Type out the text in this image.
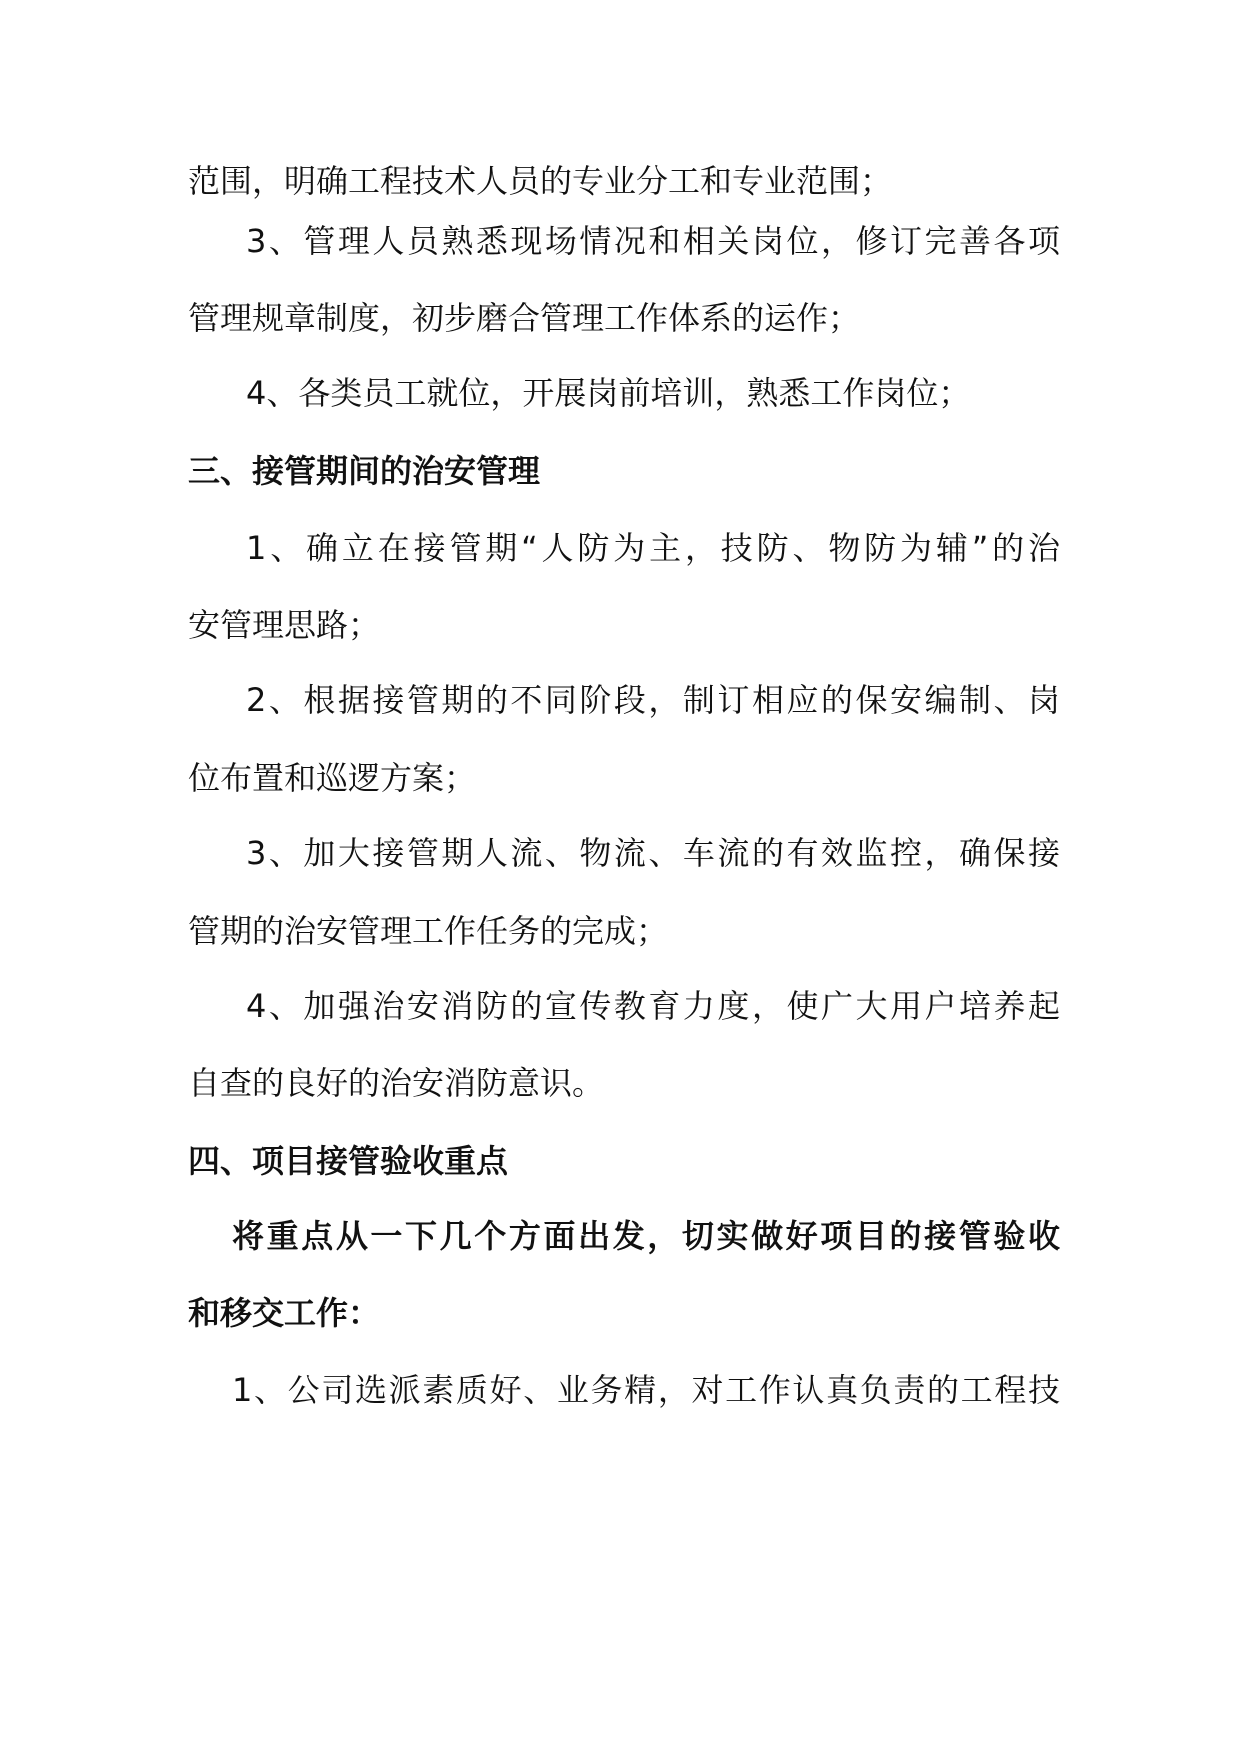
范围，明确工程技术人员的专业分工和专业范围；
3、管理人员熟悉现场情况和相关岗位，修订完善各项
管理规章制度，初步磨合管理工作体系的运作；
4、各类员工就位，开展岗前培训，熟悉工作岗位；
三、接管期间的治安管理
1、确立在接管期“人防为主，技防、物防为辅”的治
安管理思路；
2、根据接管期的不同阶段，制订相应的保安编制、岗
位布置和巡逻方案；
3、加大接管期人流、物流、车流的有效监控，确保接
管期的治安管理工作任务的完成；
4、加强治安消防的宣传教育力度，使广大用户培养起
自查的良好的治安消防意识。
四、项目接管验收重点
将重点从一下几个方面出发，切实做好项目的接管验收
和移交工作：
1、公司选派素质好、业务精，对工作认真负责的工程技
